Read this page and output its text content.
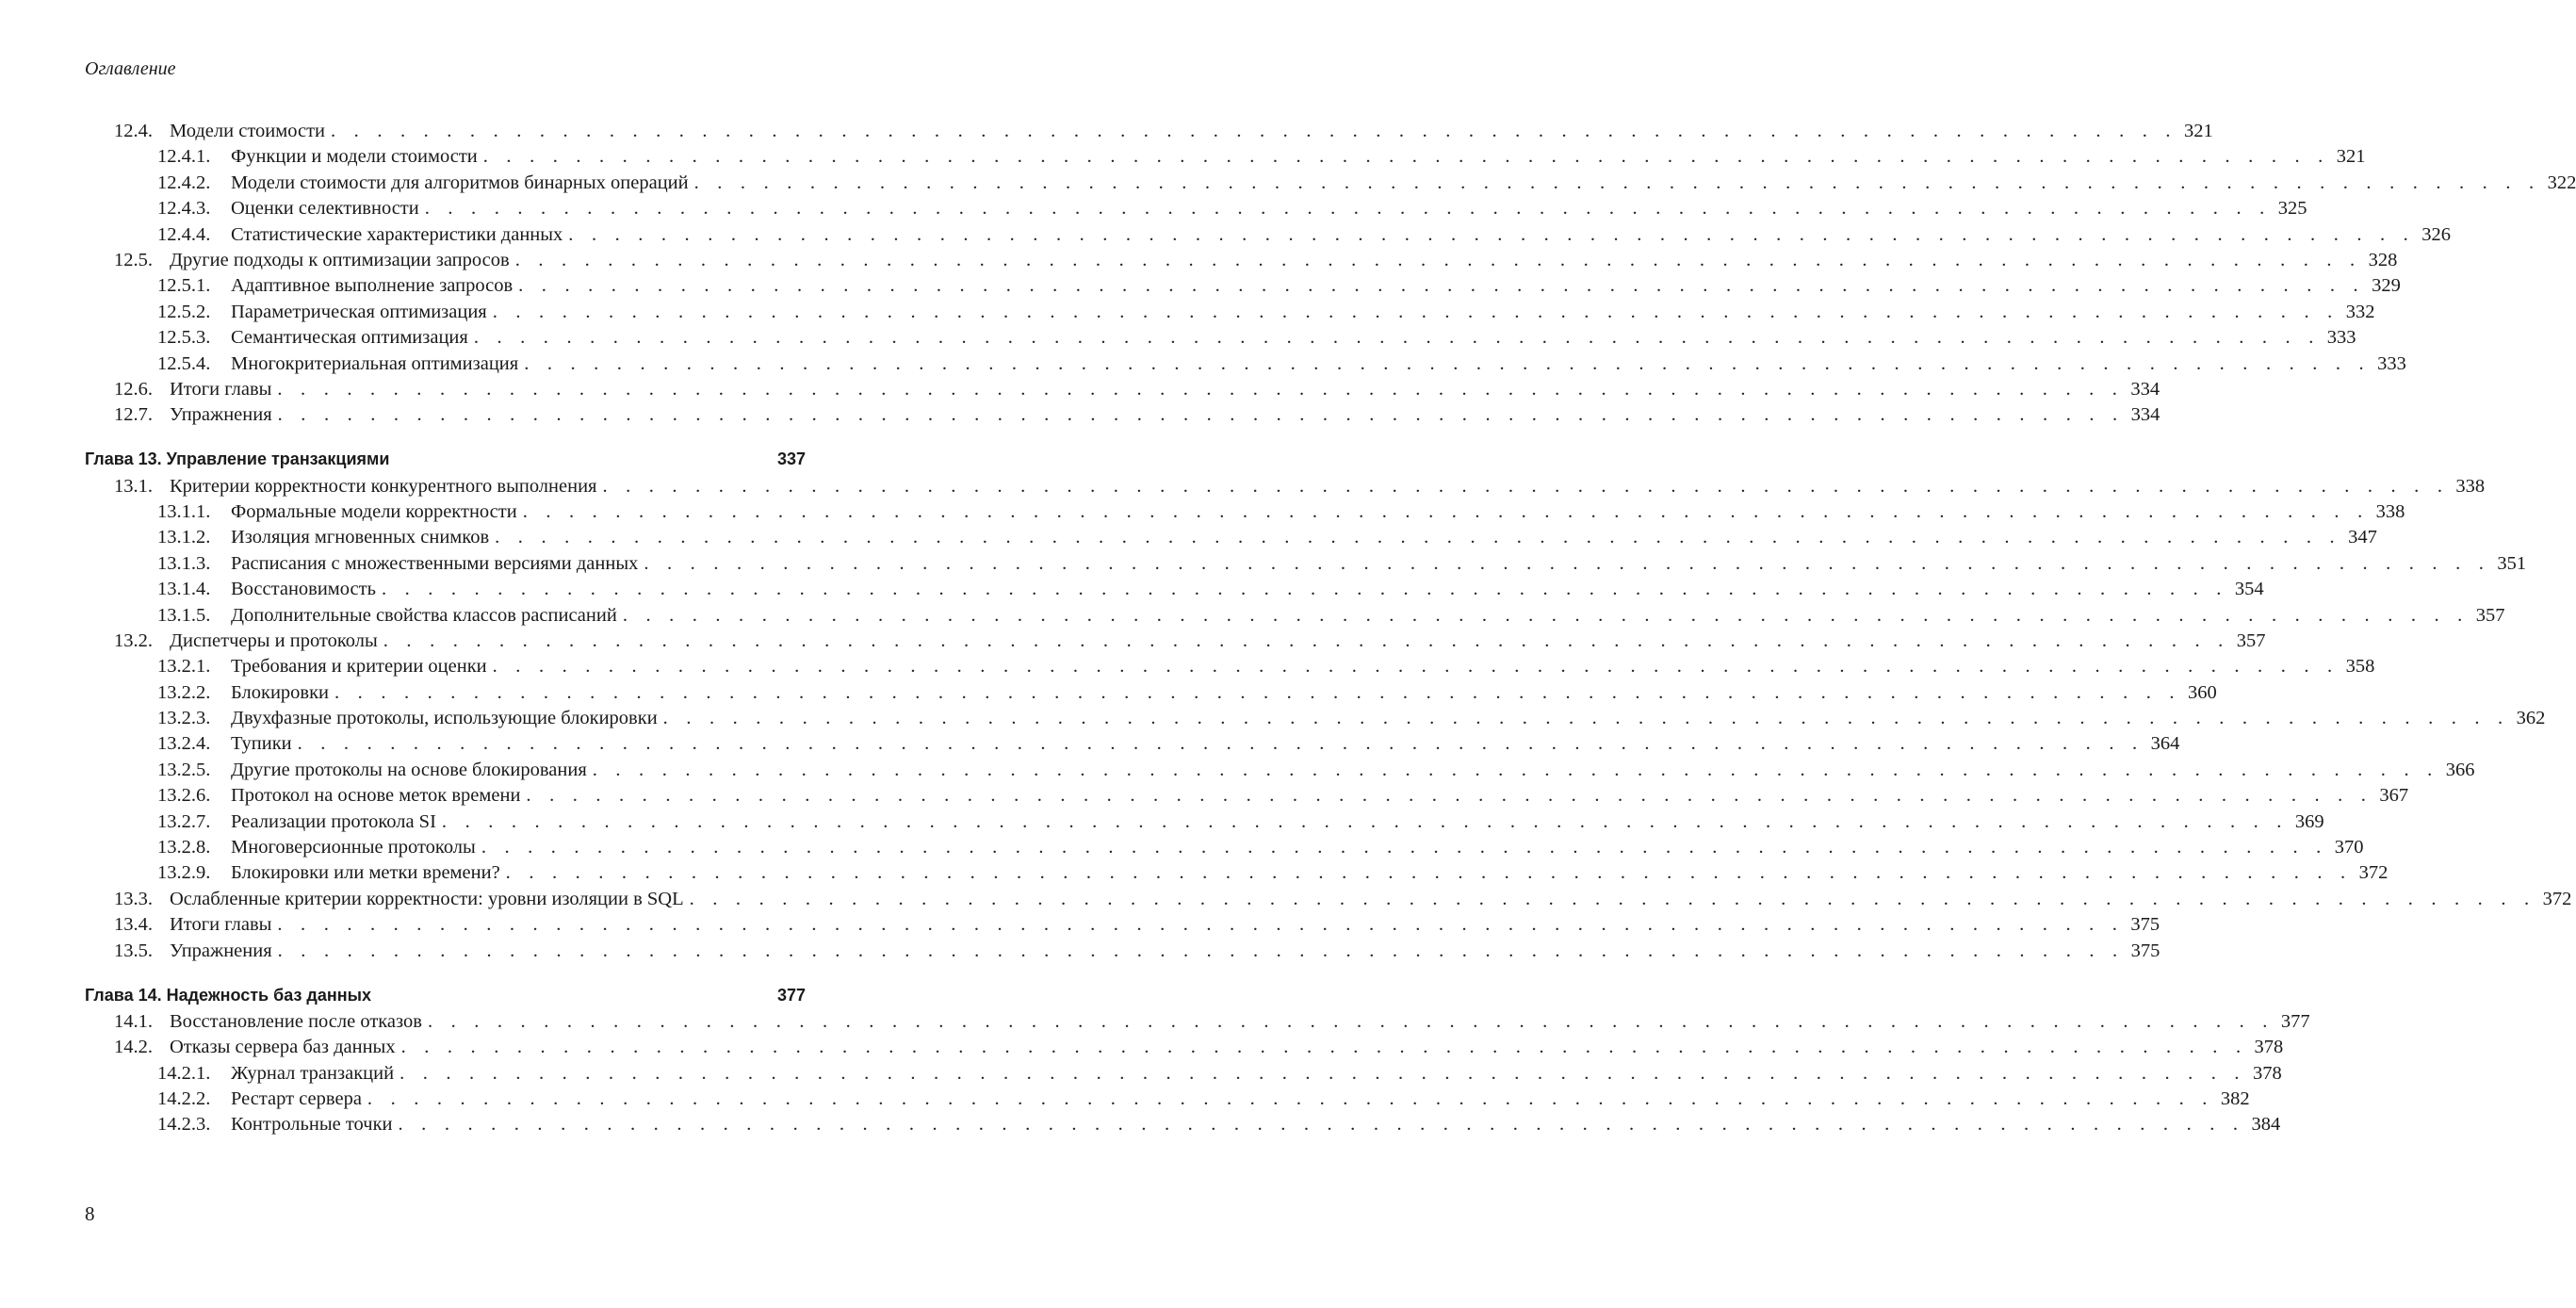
Оглавление
12.4. Модели стоимости . . . . . . . . . . . . . . . . . . . . . . . . . . . . . . . . . . . . . . . . . . . . . . . . . . . . . . . . . . . . . . . . . . . . . . . . . . . . . . . . 321
12.4.1.	Функции и модели стоимости . . . . . . . . . . . . . . . . . . . . . . . . . . . . . . . . . . . . . . . . . . . . . . . . . . . . . . . . . . . . . . . . . . . . . . . . . . . . . . . . 321
12.4.2.	Модели стоимости для алгоритмов бинарных операций . . . . . . . . . . . . . . . . . . . . . . . . . . . . . . . . . . . . . . . . . . . . . . . . . . . . . . . . . . . . . . . . . . . . . . . . . . . . . . . . 322
12.4.3.	Оценки селективности . . . . . . . . . . . . . . . . . . . . . . . . . . . . . . . . . . . . . . . . . . . . . . . . . . . . . . . . . . . . . . . . . . . . . . . . . . . . . . . . 325
12.4.4.	Статистические характеристики данных . . . . . . . . . . . . . . . . . . . . . . . . . . . . . . . . . . . . . . . . . . . . . . . . . . . . . . . . . . . . . . . . . . . . . . . . . . . . . . . . 326
12.5. Другие подходы к оптимизации запросов . . . . . . . . . . . . . . . . . . . . . . . . . . . . . . . . . . . . . . . . . . . . . . . . . . . . . . . . . . . . . . . . . . . . . . . . . . . . . . . . 328
12.5.1.	Адаптивное выполнение запросов . . . . . . . . . . . . . . . . . . . . . . . . . . . . . . . . . . . . . . . . . . . . . . . . . . . . . . . . . . . . . . . . . . . . . . . . . . . . . . . . 329
12.5.2.	Параметрическая оптимизация . . . . . . . . . . . . . . . . . . . . . . . . . . . . . . . . . . . . . . . . . . . . . . . . . . . . . . . . . . . . . . . . . . . . . . . . . . . . . . . . 332
12.5.3.	Семантическая оптимизация . . . . . . . . . . . . . . . . . . . . . . . . . . . . . . . . . . . . . . . . . . . . . . . . . . . . . . . . . . . . . . . . . . . . . . . . . . . . . . . . 333
12.5.4.	Многокритериальная оптимизация . . . . . . . . . . . . . . . . . . . . . . . . . . . . . . . . . . . . . . . . . . . . . . . . . . . . . . . . . . . . . . . . . . . . . . . . . . . . . . . . 333
12.6. Итоги главы . . . . . . . . . . . . . . . . . . . . . . . . . . . . . . . . . . . . . . . . . . . . . . . . . . . . . . . . . . . . . . . . . . . . . . . . . . . . . . . . 334
12.7. Упражнения . . . . . . . . . . . . . . . . . . . . . . . . . . . . . . . . . . . . . . . . . . . . . . . . . . . . . . . . . . . . . . . . . . . . . . . . . . . . . . . . 334
Глава 13. Управление транзакциями	337
13.1. Критерии корректности конкурентного выполнения . . . . . . . . . . . . . . . . . . . . . . . . . . . . . . . . . . . . . . . . . . . . . . . . . . . . . . . . . . . . . . . . . . . . . . . . . . . . . . . . 338
13.1.1.	Формальные модели корректности . . . . . . . . . . . . . . . . . . . . . . . . . . . . . . . . . . . . . . . . . . . . . . . . . . . . . . . . . . . . . . . . . . . . . . . . . . . . . . . . 338
13.1.2.	Изоляция мгновенных снимков . . . . . . . . . . . . . . . . . . . . . . . . . . . . . . . . . . . . . . . . . . . . . . . . . . . . . . . . . . . . . . . . . . . . . . . . . . . . . . . . 347
13.1.3.	Расписания с множественными версиями данных . . . . . . . . . . . . . . . . . . . . . . . . . . . . . . . . . . . . . . . . . . . . . . . . . . . . . . . . . . . . . . . . . . . . . . . . . . . . . . . . 351
13.1.4.	Восстановимость . . . . . . . . . . . . . . . . . . . . . . . . . . . . . . . . . . . . . . . . . . . . . . . . . . . . . . . . . . . . . . . . . . . . . . . . . . . . . . . . 354
13.1.5.	Дополнительные свойства классов расписаний . . . . . . . . . . . . . . . . . . . . . . . . . . . . . . . . . . . . . . . . . . . . . . . . . . . . . . . . . . . . . . . . . . . . . . . . . . . . . . . . 357
13.2. Диспетчеры и протоколы . . . . . . . . . . . . . . . . . . . . . . . . . . . . . . . . . . . . . . . . . . . . . . . . . . . . . . . . . . . . . . . . . . . . . . . . . . . . . . . . 357
13.2.1.	Требования и критерии оценки . . . . . . . . . . . . . . . . . . . . . . . . . . . . . . . . . . . . . . . . . . . . . . . . . . . . . . . . . . . . . . . . . . . . . . . . . . . . . . . . 358
13.2.2.	Блокировки . . . . . . . . . . . . . . . . . . . . . . . . . . . . . . . . . . . . . . . . . . . . . . . . . . . . . . . . . . . . . . . . . . . . . . . . . . . . . . . . 360
13.2.3.	Двухфазные протоколы, использующие блокировки . . . . . . . . . . . . . . . . . . . . . . . . . . . . . . . . . . . . . . . . . . . . . . . . . . . . . . . . . . . . . . . . . . . . . . . . . . . . . . . . 362
13.2.4.	Тупики . . . . . . . . . . . . . . . . . . . . . . . . . . . . . . . . . . . . . . . . . . . . . . . . . . . . . . . . . . . . . . . . . . . . . . . . . . . . . . . . 364
13.2.5.	Другие протоколы на основе блокирования . . . . . . . . . . . . . . . . . . . . . . . . . . . . . . . . . . . . . . . . . . . . . . . . . . . . . . . . . . . . . . . . . . . . . . . . . . . . . . . . 366
13.2.6.	Протокол на основе меток времени . . . . . . . . . . . . . . . . . . . . . . . . . . . . . . . . . . . . . . . . . . . . . . . . . . . . . . . . . . . . . . . . . . . . . . . . . . . . . . . . 367
13.2.7.	Реализации протокола SI . . . . . . . . . . . . . . . . . . . . . . . . . . . . . . . . . . . . . . . . . . . . . . . . . . . . . . . . . . . . . . . . . . . . . . . . . . . . . . . . 369
13.2.8.	Многоверсионные протоколы . . . . . . . . . . . . . . . . . . . . . . . . . . . . . . . . . . . . . . . . . . . . . . . . . . . . . . . . . . . . . . . . . . . . . . . . . . . . . . . . 370
13.2.9.	Блокировки или метки времени? . . . . . . . . . . . . . . . . . . . . . . . . . . . . . . . . . . . . . . . . . . . . . . . . . . . . . . . . . . . . . . . . . . . . . . . . . . . . . . . . 372
13.3. Ослабленные критерии корректности: уровни изоляции в SQL . . . . . . . . . . . . . . . . . . . . . . . . . . . . . . . . . . . . . . . . . . . . . . . . . . . . . . . . . . . . . . . . . . . . . . . . . . . . . . . . 372
13.4. Итоги главы . . . . . . . . . . . . . . . . . . . . . . . . . . . . . . . . . . . . . . . . . . . . . . . . . . . . . . . . . . . . . . . . . . . . . . . . . . . . . . . . 375
13.5. Упражнения . . . . . . . . . . . . . . . . . . . . . . . . . . . . . . . . . . . . . . . . . . . . . . . . . . . . . . . . . . . . . . . . . . . . . . . . . . . . . . . . 375
Глава 14. Надежность баз данных	377
14.1. Восстановление после отказов . . . . . . . . . . . . . . . . . . . . . . . . . . . . . . . . . . . . . . . . . . . . . . . . . . . . . . . . . . . . . . . . . . . . . . . . . . . . . . . . 377
14.2. Отказы сервера баз данных . . . . . . . . . . . . . . . . . . . . . . . . . . . . . . . . . . . . . . . . . . . . . . . . . . . . . . . . . . . . . . . . . . . . . . . . . . . . . . . . 378
14.2.1.	Журнал транзакций . . . . . . . . . . . . . . . . . . . . . . . . . . . . . . . . . . . . . . . . . . . . . . . . . . . . . . . . . . . . . . . . . . . . . . . . . . . . . . . . 378
14.2.2.	Рестарт сервера . . . . . . . . . . . . . . . . . . . . . . . . . . . . . . . . . . . . . . . . . . . . . . . . . . . . . . . . . . . . . . . . . . . . . . . . . . . . . . . . 382
14.2.3.	Контрольные точки . . . . . . . . . . . . . . . . . . . . . . . . . . . . . . . . . . . . . . . . . . . . . . . . . . . . . . . . . . . . . . . . . . . . . . . . . . . . . . . . 384
8
